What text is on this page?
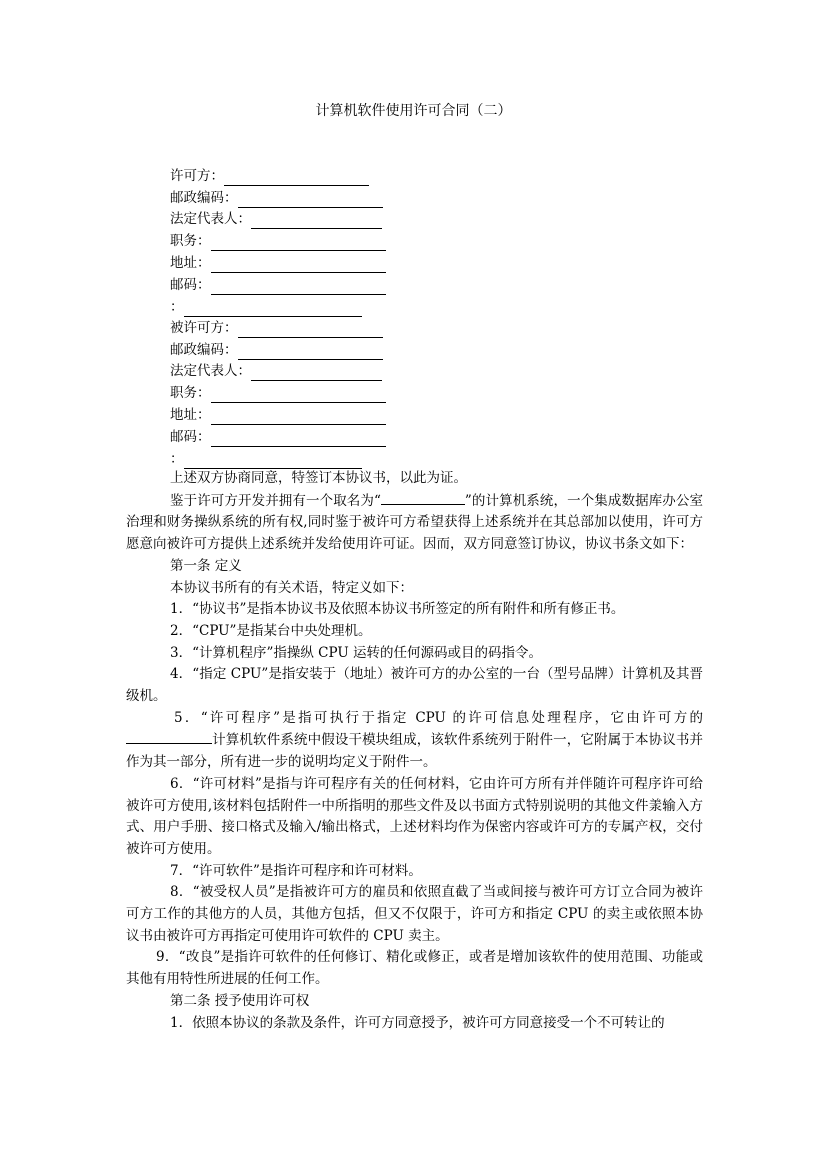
计算机软件使用许可合同（二）
许可方：
邮政编码：
法定代表人：
职务：
地址：
邮码：
：
被许可方：
邮政编码：
法定代表人：
职务：
地址：
邮码：
：

上述双方协商同意，特签订本协议书，以此为证。

鉴于许可方开发并拥有一个取名为“	”的计算机系统，一个集成数据库办公室治理和财务操纵系统的所有权,同时鉴于被许可方希望获得上述系统并在其总部加以使用，许可方愿意向被许可方提供上述系统并发给使用许可证。因而，双方同意签订协议，协议书条文如下：

第一条 定义

本协议书所有的有关术语，特定义如下：

1．“协议书”是指本协议书及依照本协议书所签定的所有附件和所有修正书。

2．“CPU”是指某台中央处理机。

3．“计算机程序”指操纵 CPU 运转的任何源码或目的码指令。

4．“指定 CPU”是指安装于（地址）被许可方的办公室的一台（型号品牌）计算机及其晋级机。

5．“许可程序”是指可执行于指定 CPU 的许可信息处理程序，它由许可方的计算机软件系统中假设干模块组成，该软件系统列于附件一，它附属于本协议书并作为其一部分，所有进一步的说明均定义于附件一。

6．“许可材料”是指与许可程序有关的任何材料，它由许可方所有并伴随许可程序许可给被许可方使用,该材料包括附件一中所指明的那些文件及以书面方式特别说明的其他文件羕输入方式、用户手册、接口格式及输入/输出格式，上述材料均作为保密内容或许可方的专属产权，交付被许可方使用。

7．“许可软件”是指许可程序和许可材料。

8．“被受权人员”是指被许可方的雇员和依照直截了当或间接与被许可方订立合同为被许可方工作的其他方的人员，其他方包括，但又不仅限于，许可方和指定 CPU 的卖主或依照本协议书由被许可方再指定可使用许可软件的 CPU 卖主。

9．“改良”是指许可软件的任何修订、精化或修正，或者是增加该软件的使用范围、功能或其他有用特性所进展的任何工作。

第二条 授予使用许可权

1．依照本协议的条款及条件，许可方同意授予，被许可方同意接受一个不可转让的
